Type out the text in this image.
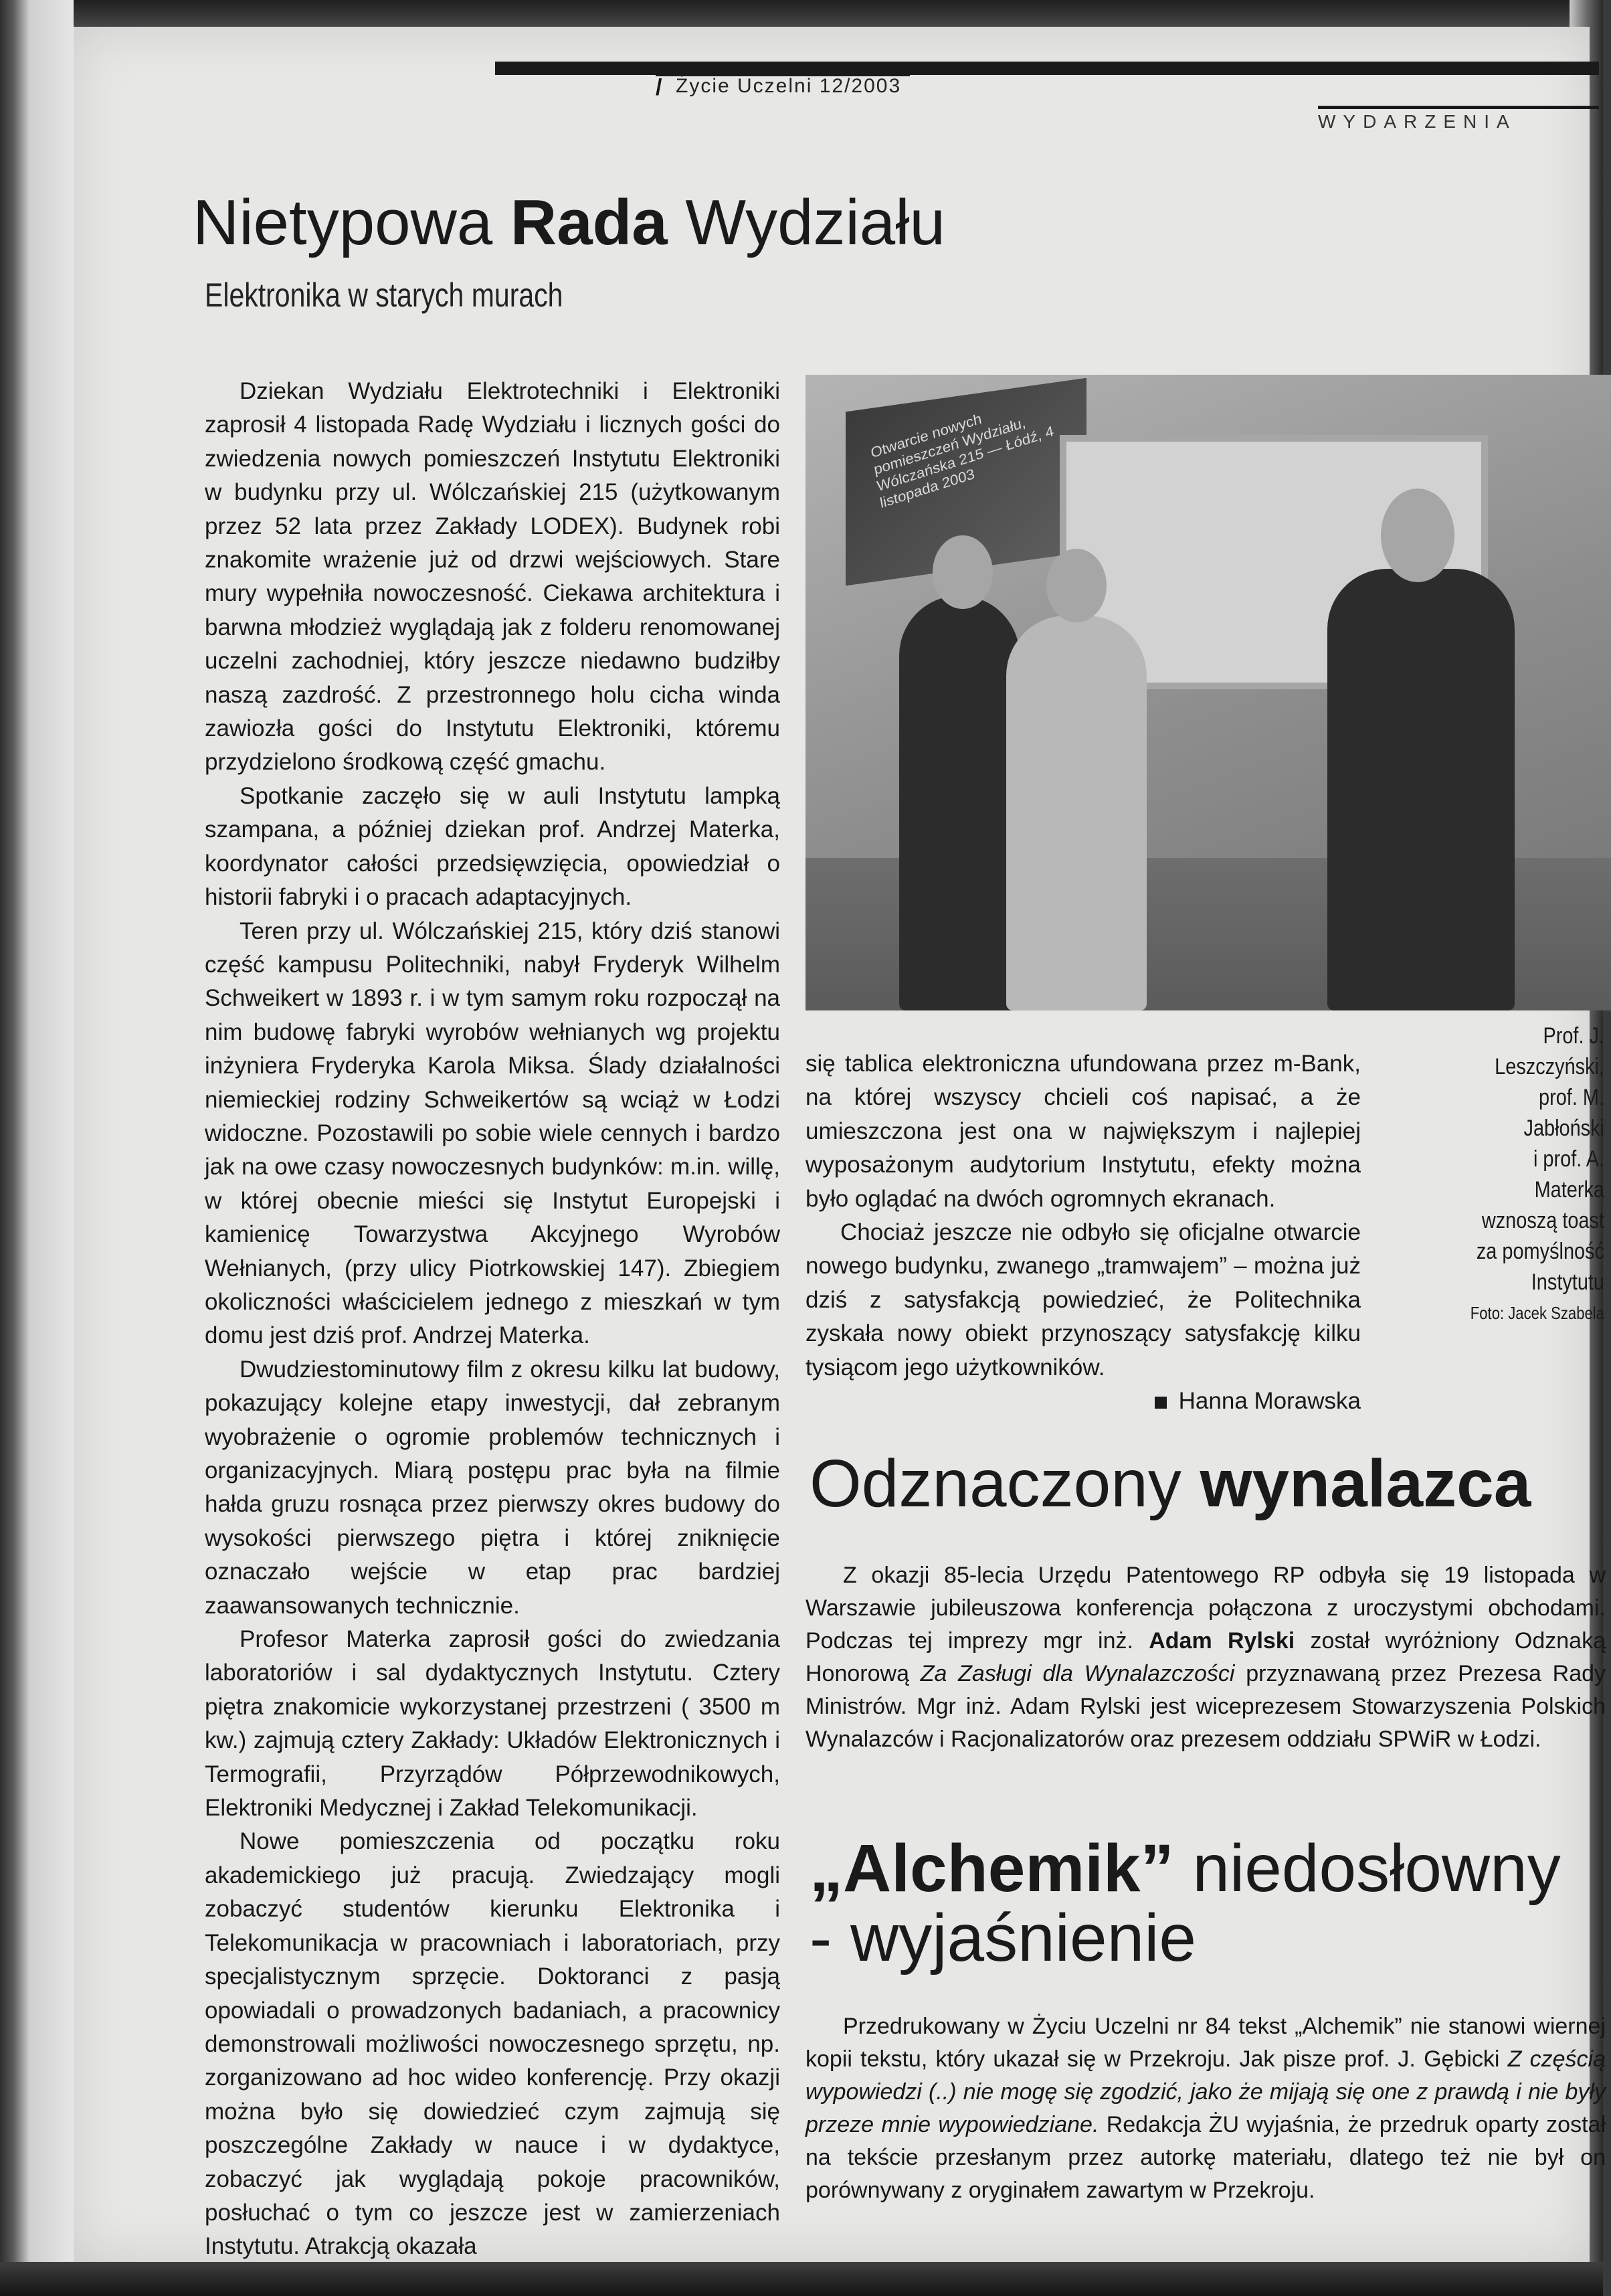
/ Życie Uczelni 12/2003
WYDARZENIA
Nietypowa Rada Wydziału
Elektronika w starych murach

Dziekan Wydziału Elektrotechniki i Elektroniki zaprosił 4 listopada Radę Wydziału i licznych gości do zwiedzenia nowych pomieszczeń Instytutu Elektroniki w budynku przy ul. Wólczańskiej 215 (użytkowanym przez 52 lata przez Zakłady LODEX). Budynek robi znakomite wrażenie już od drzwi wejściowych. Stare mury wypełniła nowoczesność. Ciekawa architektura i barwna młodzież wyglądają jak z folderu renomowanej uczelni zachodniej, który jeszcze niedawno budziłby naszą zazdrość. Z przestronnego holu cicha winda zawiozła gości do Instytutu Elektroniki, któremu przydzielono środkową część gmachu.

Spotkanie zaczęło się w auli Instytutu lampką szampana, a później dziekan prof. Andrzej Materka, koordynator całości przedsięwzięcia, opowiedział o historii fabryki i o pracach adaptacyjnych.

Teren przy ul. Wólczańskiej 215, który dziś stanowi część kampusu Politechniki, nabył Fryderyk Wilhelm Schweikert w 1893 r. i w tym samym roku rozpoczął na nim budowę fabryki wyrobów wełnianych wg projektu inżyniera Fryderyka Karola Miksa. Ślady działalności niemieckiej rodziny Schweikertów są wciąż w Łodzi widoczne. Pozostawili po sobie wiele cennych i bardzo jak na owe czasy nowoczesnych budynków: m.in. willę, w której obecnie mieści się Instytut Europejski i kamienicę Towarzystwa Akcyjnego Wyrobów Wełnianych, (przy ulicy Piotrkowskiej 147). Zbiegiem okoliczności właścicielem jednego z mieszkań w tym domu jest dziś prof. Andrzej Materka.

Dwudziestominutowy film z okresu kilku lat budowy, pokazujący kolejne etapy inwestycji, dał zebranym wyobrażenie o ogromie problemów technicznych i organizacyjnych. Miarą postępu prac była na filmie hałda gruzu rosnąca przez pierwszy okres budowy do wysokości pierwszego piętra i której zniknięcie oznaczało wejście w etap prac bardziej zaawansowanych technicznie.

Profesor Materka zaprosił gości do zwiedzania laboratoriów i sal dydaktycznych Instytutu. Cztery piętra znakomicie wykorzystanej przestrzeni ( 3500 m kw.) zajmują cztery Zakłady: Układów Elektronicznych i Termografii, Przyrządów Półprzewodnikowych, Elektroniki Medycznej i Zakład Telekomunikacji.

Nowe pomieszczenia od początku roku akademickiego już pracują. Zwiedzający mogli zobaczyć studentów kierunku Elektronika i Telekomunikacja w pracowniach i laboratoriach, przy specjalistycznym sprzęcie. Doktoranci z pasją opowiadali o prowadzonych badaniach, a pracownicy demonstrowali możliwości nowoczesnego sprzętu, np. zorganizowano ad hoc wideo konferencję. Przy okazji można było się dowiedzieć czym zajmują się poszczególne Zakłady w nauce i w dydaktyce, zobaczyć jak wyglądają pokoje pracowników, posłuchać o tym co jeszcze jest w zamierzeniach Instytutu. Atrakcją okazała

Otwarcie nowych pomieszczeń Wydziału, Wólczańska 215 — Łódź, 4 listopada 2003
Prof. J. Leszczyński,
prof. M. Jabłoński
i prof. A. Materka
wznoszą toast
za pomyślność
Instytutu
Foto: Jacek Szabela

się tablica elektroniczna ufundowana przez m-Bank, na której wszyscy chcieli coś napisać, a że umieszczona jest ona w największym i najlepiej wyposażonym audytorium Instytutu, efekty można było oglądać na dwóch ogromnych ekranach.

Chociaż jeszcze nie odbyło się oficjalne otwarcie nowego budynku, zwanego „tramwajem” – można już dziś z satysfakcją powiedzieć, że Politechnika zyskała nowy obiekt przynoszący satysfakcję kilku tysiącom jego użytkowników.

Hanna Morawska

Odznaczony wynalazca

Z okazji 85-lecia Urzędu Patentowego RP odbyła się 19 listopada w Warszawie jubileuszowa konferencja połączona z uroczystymi obchodami. Podczas tej imprezy mgr inż. Adam Rylski został wyróżniony Odznaką Honorową Za Zasługi dla Wynalazczości przyznawaną przez Prezesa Rady Ministrów. Mgr inż. Adam Rylski jest wiceprezesem Stowarzyszenia Polskich Wynalazców i Racjonalizatorów oraz prezesem oddziału SPWiR w Łodzi.

„Alchemik” niedosłowny
- wyjaśnienie

Przedrukowany w Życiu Uczelni nr 84 tekst „Alchemik” nie stanowi wiernej kopii tekstu, który ukazał się w Przekroju. Jak pisze prof. J. Gębicki Z częścią wypowiedzi (..) nie mogę się zgodzić, jako że mijają się one z prawdą i nie były przeze mnie wypowiedziane. Redakcja ŻU wyjaśnia, że przedruk oparty został na tekście przesłanym przez autorkę materiału, dlatego też nie był on porównywany z oryginałem zawartym w Przekroju.
